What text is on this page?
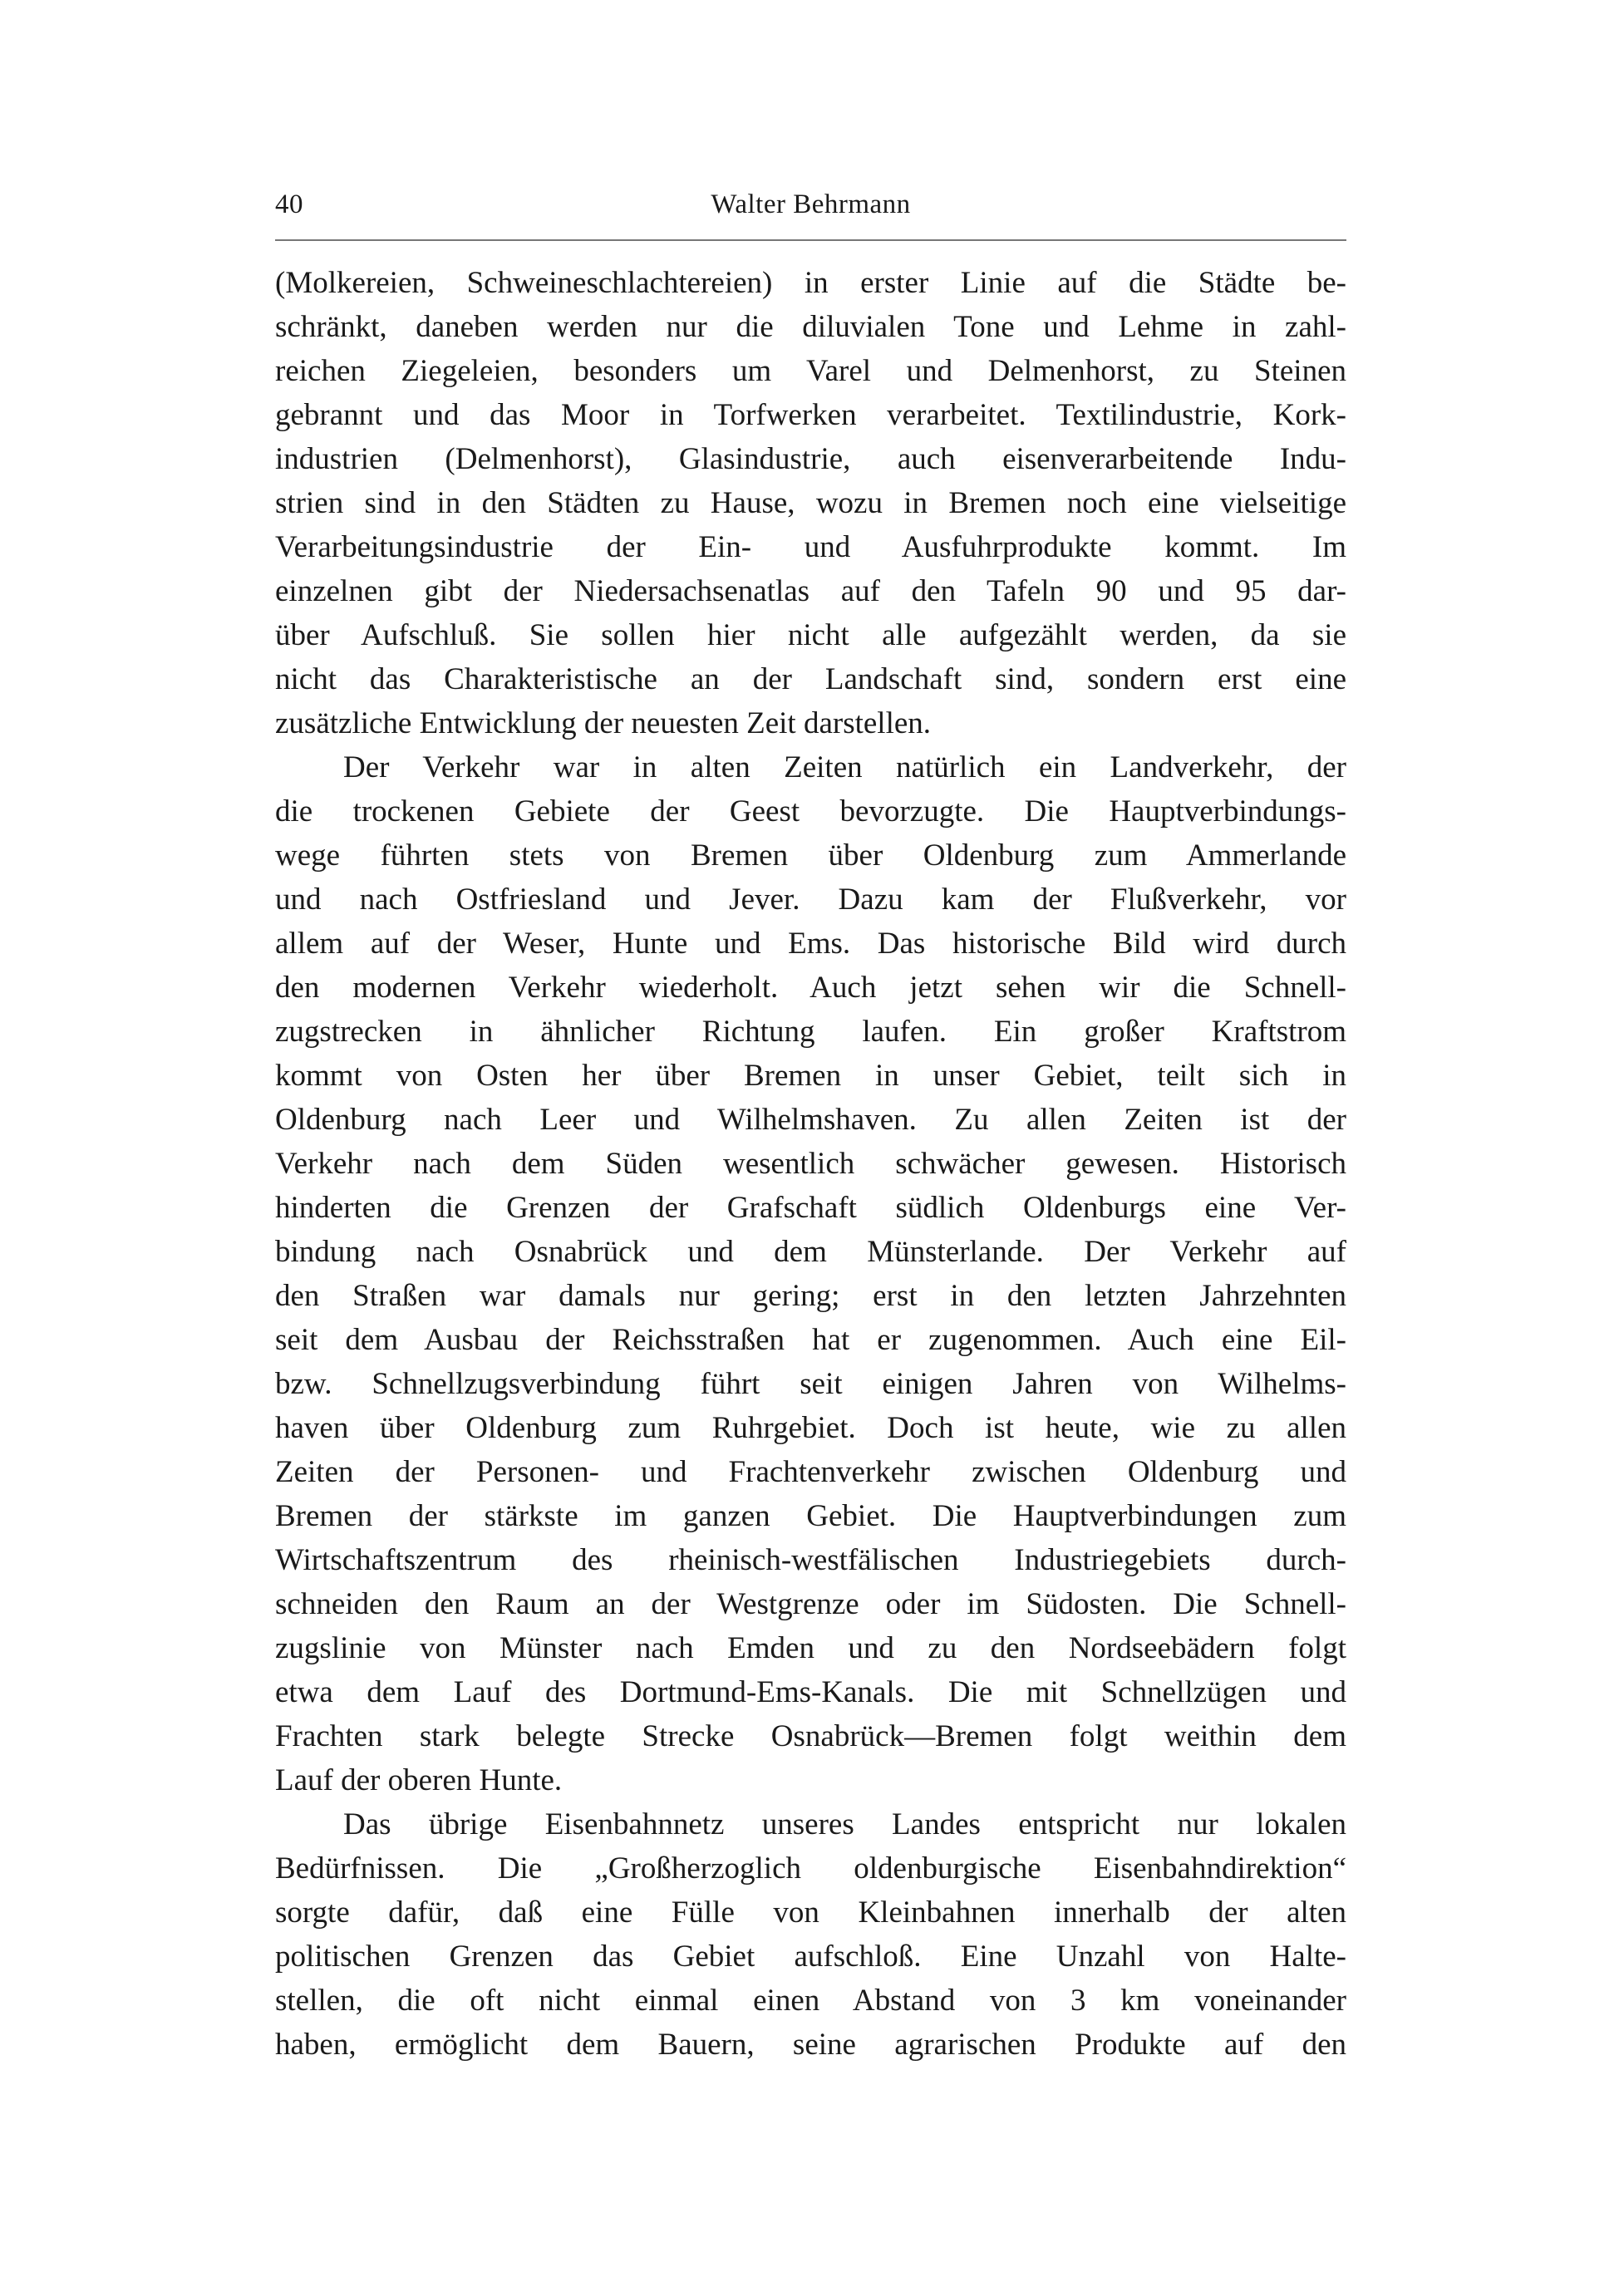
40	Walter Behrmann
(Molkereien, Schweineschlachtereien) in erster Linie auf die Städte be-
schränkt, daneben werden nur die diluvialen Tone und Lehme in zahl-
reichen Ziegeleien, besonders um Varel und Delmenhorst, zu Steinen
gebrannt und das Moor in Torfwerken verarbeitet. Textilindustrie, Kork-
industrien (Delmenhorst), Glasindustrie, auch eisenverarbeitende Indu-
strien sind in den Städten zu Hause, wozu in Bremen noch eine vielseitige
Verarbeitungsindustrie der Ein- und Ausfuhrprodukte kommt. Im
einzelnen gibt der Niedersachsenatlas auf den Tafeln 90 und 95 dar-
über Aufschluß. Sie sollen hier nicht alle aufgezählt werden, da sie
nicht das Charakteristische an der Landschaft sind, sondern erst eine
zusätzliche Entwicklung der neuesten Zeit darstellen.
Der Verkehr war in alten Zeiten natürlich ein Landverkehr, der
die trockenen Gebiete der Geest bevorzugte. Die Hauptverbindungs-
wege führten stets von Bremen über Oldenburg zum Ammerlande
und nach Ostfriesland und Jever. Dazu kam der Flußverkehr, vor
allem auf der Weser, Hunte und Ems. Das historische Bild wird durch
den modernen Verkehr wiederholt. Auch jetzt sehen wir die Schnell-
zugstrecken in ähnlicher Richtung laufen. Ein großer Kraftstrom
kommt von Osten her über Bremen in unser Gebiet, teilt sich in
Oldenburg nach Leer und Wilhelmshaven. Zu allen Zeiten ist der
Verkehr nach dem Süden wesentlich schwächer gewesen. Historisch
hinderten die Grenzen der Grafschaft südlich Oldenburgs eine Ver-
bindung nach Osnabrück und dem Münsterlande. Der Verkehr auf
den Straßen war damals nur gering; erst in den letzten Jahrzehnten
seit dem Ausbau der Reichsstraßen hat er zugenommen. Auch eine Eil-
bzw. Schnellzugsverbindung führt seit einigen Jahren von Wilhelms-
haven über Oldenburg zum Ruhrgebiet. Doch ist heute, wie zu allen
Zeiten der Personen- und Frachtenverkehr zwischen Oldenburg und
Bremen der stärkste im ganzen Gebiet. Die Hauptverbindungen zum
Wirtschaftszentrum des rheinisch-westfälischen Industriegebiets durch-
schneiden den Raum an der Westgrenze oder im Südosten. Die Schnell-
zugslinie von Münster nach Emden und zu den Nordseebädern folgt
etwa dem Lauf des Dortmund-Ems-Kanals. Die mit Schnellzügen und
Frachten stark belegte Strecke Osnabrück—Bremen folgt weithin dem
Lauf der oberen Hunte.
Das übrige Eisenbahnnetz unseres Landes entspricht nur lokalen
Bedürfnissen. Die „Großherzoglich oldenburgische Eisenbahndirektion“
sorgte dafür, daß eine Fülle von Kleinbahnen innerhalb der alten
politischen Grenzen das Gebiet aufschloß. Eine Unzahl von Halte-
stellen, die oft nicht einmal einen Abstand von 3 km voneinander
haben, ermöglicht dem Bauern, seine agrarischen Produkte auf den
